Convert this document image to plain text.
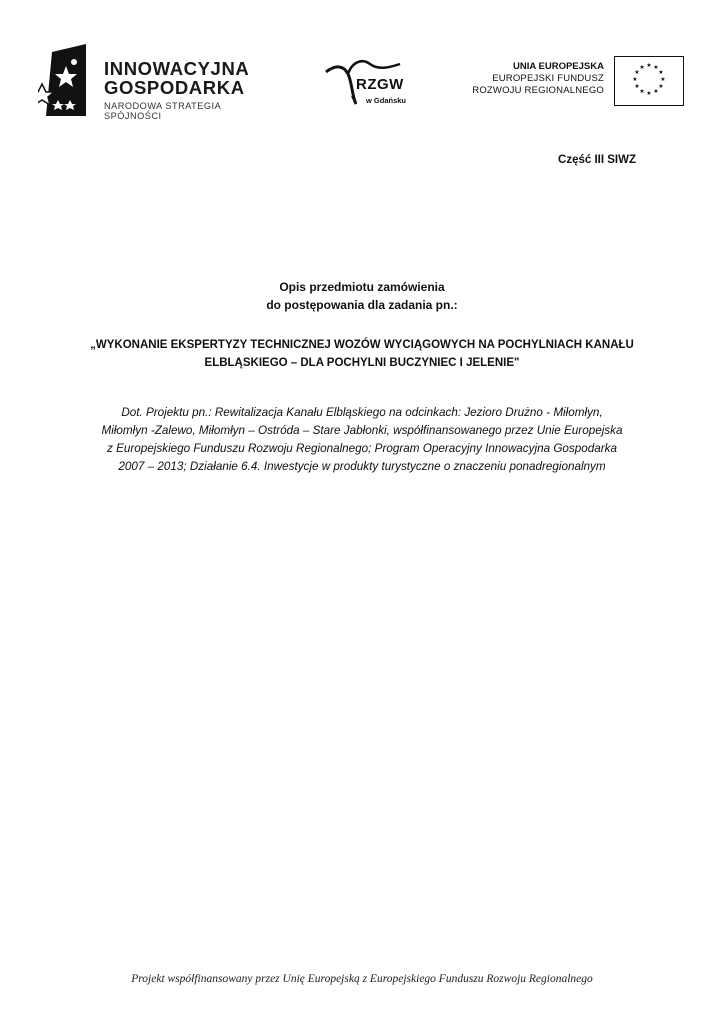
INNOWACYJNA
GOSPODARKA
NARODOWA STRATEGIA SPÓJNOŚCI
RZGW
w Gdańsku
UNIA EUROPEJSKA
EUROPEJSKI FUNDUSZ
ROZWOJU REGIONALNEGO
★ ★
★
★
★
★
★
★
★
★
★
★
Część III SIWZ
Opis przedmiotu zamówienia
do postępowania dla zadania pn.:
„WYKONANIE EKSPERTYZY TECHNICZNEJ WOZÓW WYCIĄGOWYCH NA POCHYLNIACH KANAŁU
ELBLĄSKIEGO – DLA POCHYLNI BUCZYNIEC I JELENIE"
Dot. Projektu pn.: Rewitalizacja Kanału Elbląskiego na odcinkach: Jezioro Drużno - Miłomłyn,
Miłomłyn -Zalewo, Miłomłyn – Ostróda – Stare Jabłonki, współfinansowanego przez Unie Europejska
z Europejskiego Funduszu Rozwoju Regionalnego; Program Operacyjny Innowacyjna Gospodarka
2007 – 2013; Działanie 6.4. Inwestycje w produkty turystyczne o znaczeniu ponadregionalnym
Projekt współfinansowany przez Unię Europejską z Europejskiego Funduszu Rozwoju Regionalnego
